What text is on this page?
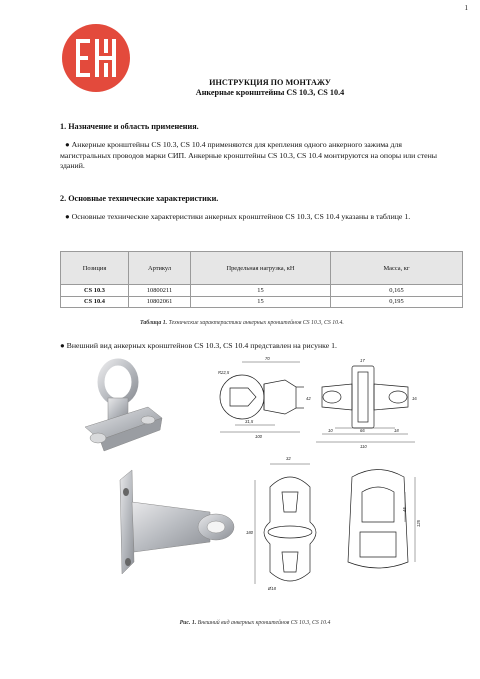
1
ИНСТРУКЦИЯ ПО МОНТАЖУ
Анкерные кронштейны CS 10.3, CS 10.4
1. Назначение и область применения.
● Анкерные кронштейны CS 10.3, CS 10.4 применяются для крепления одного анкерного зажима для магистральных проводов марки СИП. Анкерные кронштейны CS 10.3, CS 10.4 монтируются на опоры или стены зданий.
2. Основные технические характеристики.
● Основные технические характеристики анкерных кронштейнов CS 10.3, CS 10.4 указаны в таблице 1.
Позиция	Артикул	Предельная нагрузка, кН	Масса, кг
CS 10.3	10800211	15	0,165
CS 10.4	10802061	15	0,195
Таблица 1. Технические характеристики анкерных кронштейнов CS 10.3, CS 10.4.
● Внешний вид анкерных кронштейнов CS 10.3, CS 10.4 представлен на рисунке 1.
70
R22,5
42
31,5
100
17
16
10	66	18
110
32
180
Ø18
45
125
Рис. 1. Внешний вид анкерных кронштейнов CS 10.3, CS 10.4
